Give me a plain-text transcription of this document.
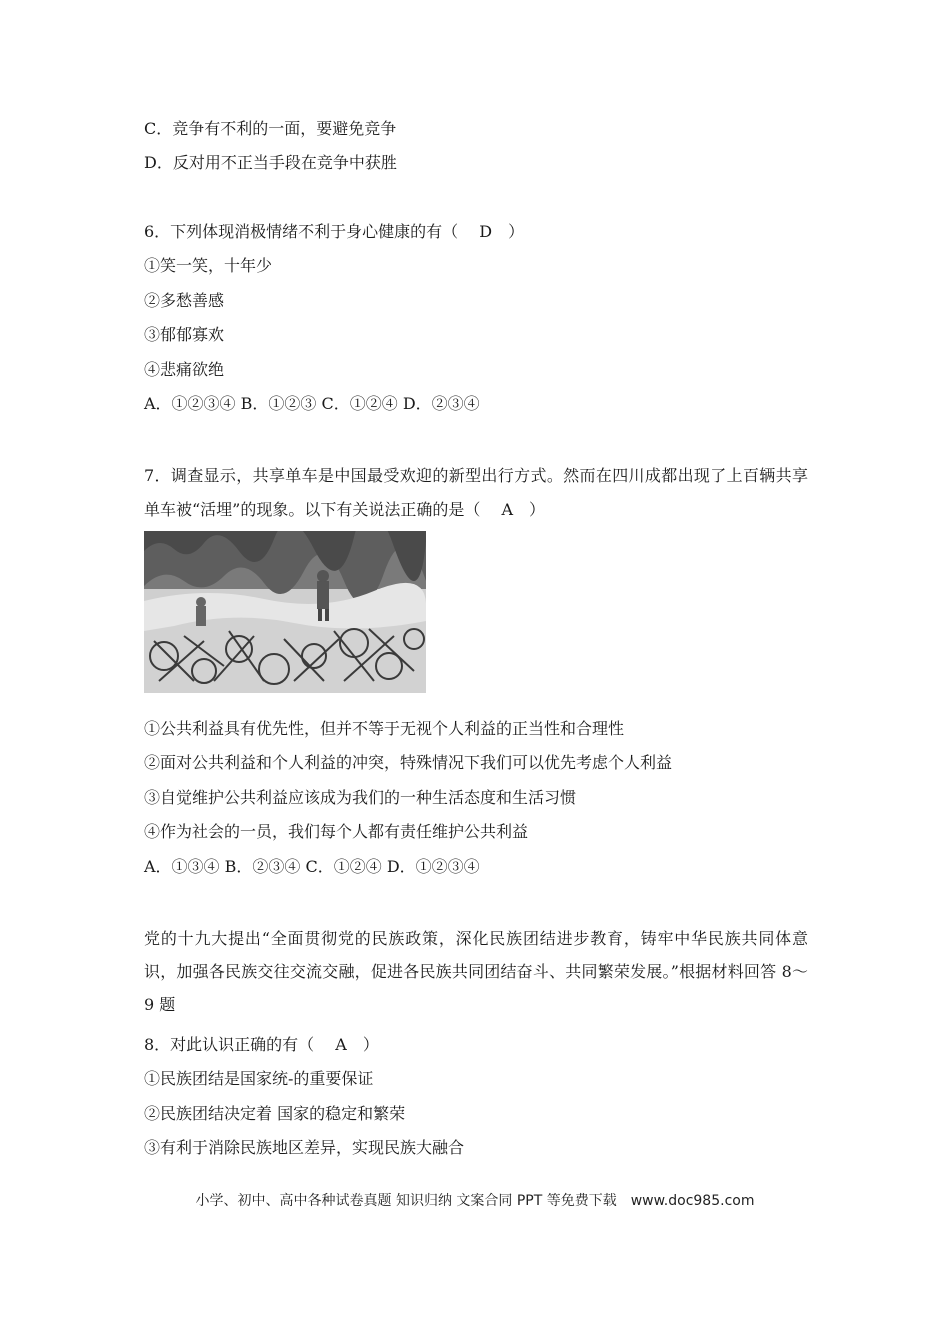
C．竞争有不利的一面，要避免竞争
D．反对用不正当手段在竞争中获胜
6．下列体现消极情绪不利于身心健康的有（　 D　）
①笑一笑，十年少
②多愁善感
③郁郁寡欢
④悲痛欲绝
A．①②③④ B．①②③ C．①②④ D．②③④
7．调查显示，共享单车是中国最受欢迎的新型出行方式。然而在四川成都出现了上百辆共享单车被“活埋”的现象。以下有关说法正确的是（　 A　）
①公共利益具有优先性，但并不等于无视个人利益的正当性和合理性
②面对公共利益和个人利益的冲突，特殊情况下我们可以优先考虑个人利益
③自觉维护公共利益应该成为我们的一种生活态度和生活习惯
④作为社会的一员，我们每个人都有责任维护公共利益
A．①③④ B．②③④ C．①②④ D．①②③④
党的十九大提出“全面贯彻党的民族政策，深化民族团结进步教育，铸牢中华民族共同体意识，加强各民族交往交流交融，促进各民族共同团结奋斗、共同繁荣发展。”根据材料回答 8～9 题
8．对此认识正确的有（　 A　）
①民族团结是国家统-的重要保证
②民族团结决定着 国家的稳定和繁荣
③有利于消除民族地区差异，实现民族大融合
小学、初中、高中各种试卷真题 知识归纳 文案合同 PPT 等免费下载　www.doc985.com
